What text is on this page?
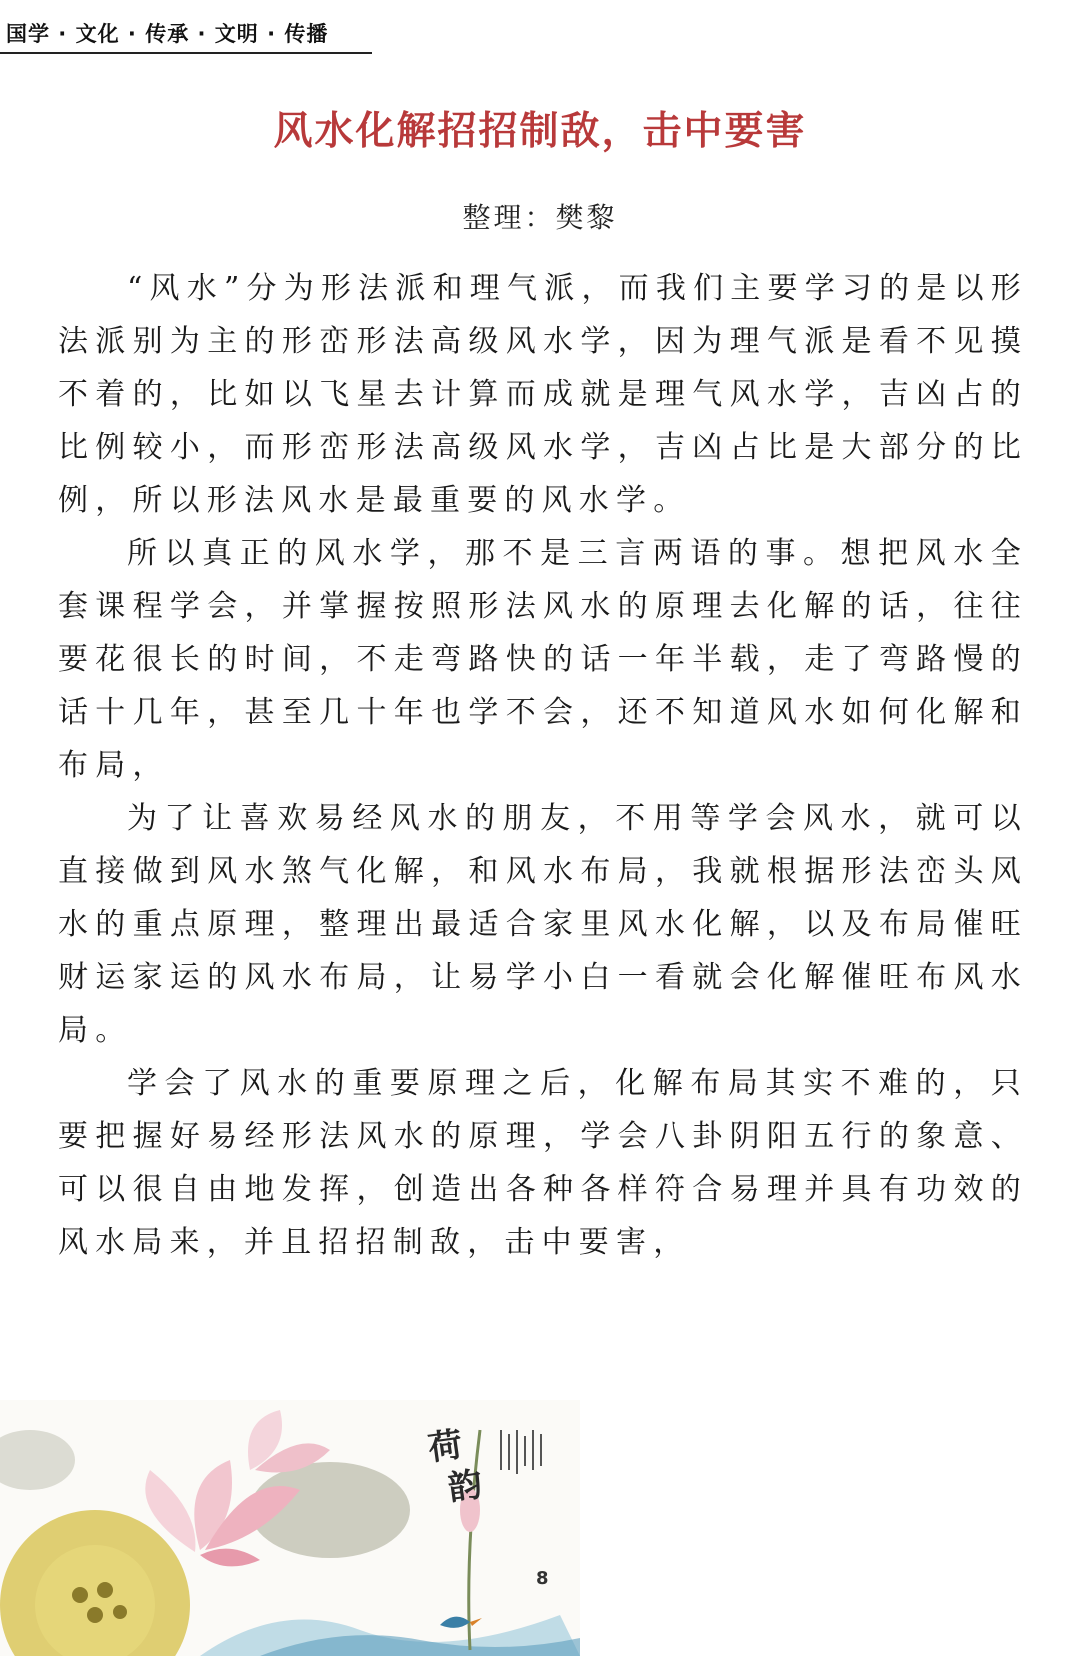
国学 · 文化 · 传承 · 文明 · 传播
风水化解招招制敌，击中要害
整理：樊黎

“风水”分为形法派和理气派，而我们主要学习的是以形法派别为主的形峦形法高级风水学，因为理气派是看不见摸不着的，比如以飞星去计算而成就是理气风水学，吉凶占的比例较小，而形峦形法高级风水学，吉凶占比是大部分的比例，所以形法风水是最重要的风水学。

所以真正的风水学，那不是三言两语的事。想把风水全套课程学会，并掌握按照形法风水的原理去化解的话，往往要花很长的时间，不走弯路快的话一年半载，走了弯路慢的话十几年，甚至几十年也学不会，还不知道风水如何化解和布局，

为了让喜欢易经风水的朋友，不用等学会风水，就可以直接做到风水煞气化解，和风水布局，我就根据形法峦头风水的重点原理，整理出最适合家里风水化解，以及布局催旺财运家运的风水布局，让易学小白一看就会化解催旺布风水局。

学会了风水的重要原理之后，化解布局其实不难的，只要把握好易经形法风水的原理，学会八卦阴阳五行的象意、可以很自由地发挥，创造出各种各样符合易理并具有功效的风水局来，并且招招制敌，击中要害，

荷
韵
8
